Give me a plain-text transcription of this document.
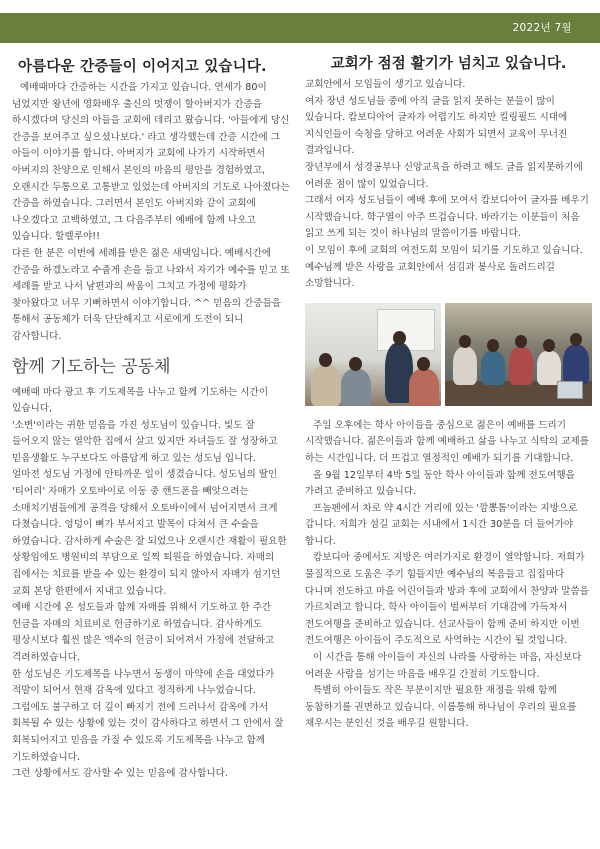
2022년 7월
아름다운 간증들이 이어지고 있습니다.

예배때마다 간증하는 시간을 가지고 있습니다. 연세가 80이 넘었지만 왕년에 영화배우 출신의 멋쟁이 할아버지가 간증을 하시겠다며 당신의 아들을 교회에 데리고 왔습니다. '아들에게 당신 간증을 보여주고 싶으셨나보다.' 라고 생각했는데 간증 시간에 그 아들이 이야기를 합니다. 아버지가 교회에 나가기 시작하면서 아버지의 찬양으로 인해서 본인의 마음의 평안을 경험하였고, 오랜시간 두통으로 고통받고 있었는데 아버지의 기도로 나아졌다는 간증을 하였습니다. 그러면서 본인도 아버지와 같이 교회에 나오겠다고 고백하였고, 그 다음주부터 예배에 함께 나오고 있습니다. 할렐루야!!

다른 한 분은 이번에 세례를 받은 젊은 새댁입니다. 예배시간에 간증을 하겠노라고 수줍게 손을 들고 나와서 자기가 예수를 믿고 또 세례를 받고 나서 남편과의 싸움이 그치고 가정에 평화가 찾아왔다고 너무 기뻐하면서 이야기합니다. ^^ 믿음의 간증들을 통해서 공동체가 더욱 단단해지고 서로에게 도전이 되니 감사합니다.

함께 기도하는 공동체

예배때 마다 광고 후 기도제목을 나누고 함께 기도하는 시간이 있습니다,

'소변'이라는 귀한 믿음을 가진 성도님이 있습니다. 빛도 잘 들어오지 않는 열악한 집에서 살고 있지만 자녀들도 잘 성장하고 믿음생활도 누구보다도 아름답게 하고 있는 성도님 입니다.

얼마전 성도님 가정에 안타까운 일이 생겼습니다. 성도님의 딸인 '티어리' 자매가 오토바이로 이동 중 핸드폰을 빼앗으려는 소매치기범들에게 공격을 당해서 오토바이에서 넘어지면서 크게 다쳤습니다. 엉덩이 뼈가 부서지고 발목이 다쳐서 큰 수술을 하였습니다. 감사하게 수술은 잘 되었으나 오랜시간 재활이 필요한 상황임에도 병원비의 부담으로 일찍 퇴원을 하였습니다. 자매의 집에서는 치료를 받을 수 있는 환경이 되지 않아서 자매가 섬기던 교회 본당 한편에서 지내고 있습니다.

예배 시간에 온 성도들과 함께 자매를 위해서 기도하고 한 주간 헌금을 자매의 치료비로 헌금하기로 하였습니다. 감사하게도 평상시보다 훨씬 많은 액수의 헌금이 되어져서 가정에 전달하고 격려하였습니다.

한 성도님은 기도제목을 나누면서 동생이 마약에 손을 대었다가 적발이 되어서 현재 감옥에 있다고 정직하게 나누었습니다. 그럼에도 불구하고 더 깊이 빠지기 전에 드러나서 감옥에 가서 회복될 수 있는 상황에 있는 것이 감사하다고 하면서 그 안에서 잘 회복되어지고 믿음을 가질 수 있도록 기도제목을 나누고 함께 기도하였습니다.

그런 상황에서도 감사할 수 있는 믿음에 감사합니다.

교회가 점점 활기가 넘치고 있습니다.

교회안에서 모임들이 생기고 있습니다.

여자 장년 성도님들 중에 아직 글을 읽지 못하는 분들이 많이 있습니다. 캄보디아어 글자가 어렵기도 하지만 킬링필드 시대에 지식인들이 숙청을 당하고 어려운 사회가 되면서 교육이 무너진 결과입니다.

장년부에서 성경공부나 신앙교육을 하려고 해도 글을 읽지못하기에 어려운 점이 많이 있었습니다.

그래서 여자 성도님들이 예배 후에 모여서 캄보디아어 글자를 배우기 시작했습니다. 학구열이 아주 뜨겁습니다. 바라기는 이분들이 처음 읽고 쓰게 되는 것이 하나님의 말씀이기를 바랍니다.

이 모임이 후에 교회의 여전도회 모임이 되기를 기도하고 있습니다.예수님께 받은 사랑을 교회안에서 섬김과 봉사로 돌려드리길 소망합니다.

주일 오후에는 학사 아이들을 중심으로 젊은이 예배를 드리기 시작했습니다. 젊은이들과 함께 예배하고 삶을 나누고 식탁의 교제를 하는 시간입니다. 더 뜨겁고 열정적인 예배가 되기를 기대합니다.

올 9월 12일부터 4박 5일 동안 학사 아이들과 함께 전도여행을 가려고 준비하고 있습니다.

프놈펜에서 차로 약 4시간 거리에 있는 '깜뽕톰'이라는 지방으로 갑니다. 저희가 섬길 교회는 시내에서 1시간 30분을 더 들어가야 합니다.

캄보디아 중에서도 지방은 여러가지로 환경이 열악합니다. 저희가 물질적으로 도움은 주기 힘들지만 예수님의 복음들고 집집마다 다니며 전도하고 마을 어린이들과 방과 후에 교회에서 찬양과 말씀을 가르치려고 합니다. 학사 아이들이 벌써부터 기대감에 가득차서 전도여행을 준비하고 있습니다. 선교사들이 함께 준비 하지만 이번 전도여행은 아이들이 주도적으로 사역하는 시간이 될 것입니다.

이 시간을 통해 아이들이 자신의 나라를 사랑하는 마음, 자신보다 어려운 사람을 섬기는 마음을 배우길 간절히 기도합니다.

특별히 아이들도 작은 부분이지만 필요한 재정을 위해 함께 동참하기를 권면하고 있습니다. 이름통해 하나님이 우리의 필요를 채우시는 분인신 것을 배우길 원합니다.
